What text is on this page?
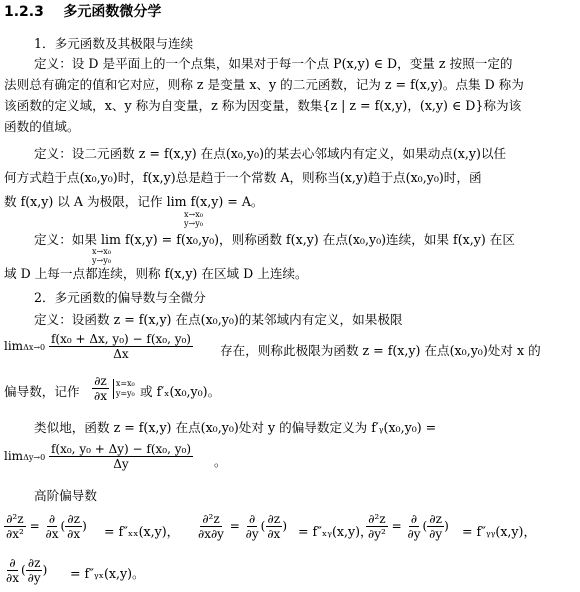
1.2.3 多元函数微分学
1．多元函数及其极限与连续
定义：设 D 是平面上的一个点集，如果对于每一个点 P(x,y) ∈ D，变量 z 按照一定的
法则总有确定的值和它对应，则称 z 是变量 x、y 的二元函数，记为 z = f(x,y)。点集 D 称为
该函数的定义域，x、y 称为自变量，z 称为因变量，数集{z | z = f(x,y)，(x,y) ∈ D}称为该
函数的值域。
定义：设二元函数 z = f(x,y) 在点(x₀,y₀)的某去心邻域内有定义，如果动点(x,y)以任
何方式趋于点(x₀,y₀)时，f(x,y)总是趋于一个常数 A，则称当(x,y)趋于点(x₀,y₀)时，函
数 f(x,y) 以 A 为极限，记作 lim f(x,y) = A。
x→x₀
y→y₀
定义：如果 lim f(x,y) = f(x₀,y₀)，则称函数 f(x,y) 在点(x₀,y₀)连续，如果 f(x,y) 在区
x→x₀
y→y₀
域 D 上每一点都连续，则称 f(x,y) 在区域 D 上连续。
2．多元函数的偏导数与全微分
定义：设函数 z = f(x,y) 在点(x₀,y₀)的某邻域内有定义，如果极限
$\lim\Delta x\to 0 \frac{\text{f(x₀ + Δx, y₀) − f(x₀, y₀)}}{\Delta x}$ 存在，则称此极限为函数 z = f(x,y) 在点(x₀,y₀)处对 x 的
偏导数，记作 $\frac{\partial z}{\partial x} x=x_0$
y=y₀ 或 f′ₓ(x₀,y₀)。
类似地，函数 z = f(x,y) 在点(x₀,y₀)处对 y 的偏导数定义为 f′ᵧ(x₀,y₀) =
$\lim\Delta y\to 0 \frac{\text{f(x₀, y₀ + Δy) − f(x₀, y₀)}}{\Delta y}$ 。
高阶偏导数
$\frac{\text{∂²z}}{\text{∂x²}} = \frac{\partial}{\partial x}$ ( $\frac{\partial z}{\partial x}$ ) = f″ₓₓ(x,y)， $\frac{\text{∂²z}}{\partial x\partial y} = \frac{\partial}{\partial y}$ ( $\frac{\partial z}{\partial x}$ ) = f″ₓᵧ(x,y)，
$\frac{\text{∂²z}}{\text{∂y²}} = \frac{\partial}{\partial y}$ ( $\frac{\partial z}{\partial y}$ ) = f″ᵧᵧ(x,y)，
$\frac{\partial}{\partial x}$ ( $\frac{\partial z}{\partial y}$ ) = f″ᵧₓ(x,y)。
